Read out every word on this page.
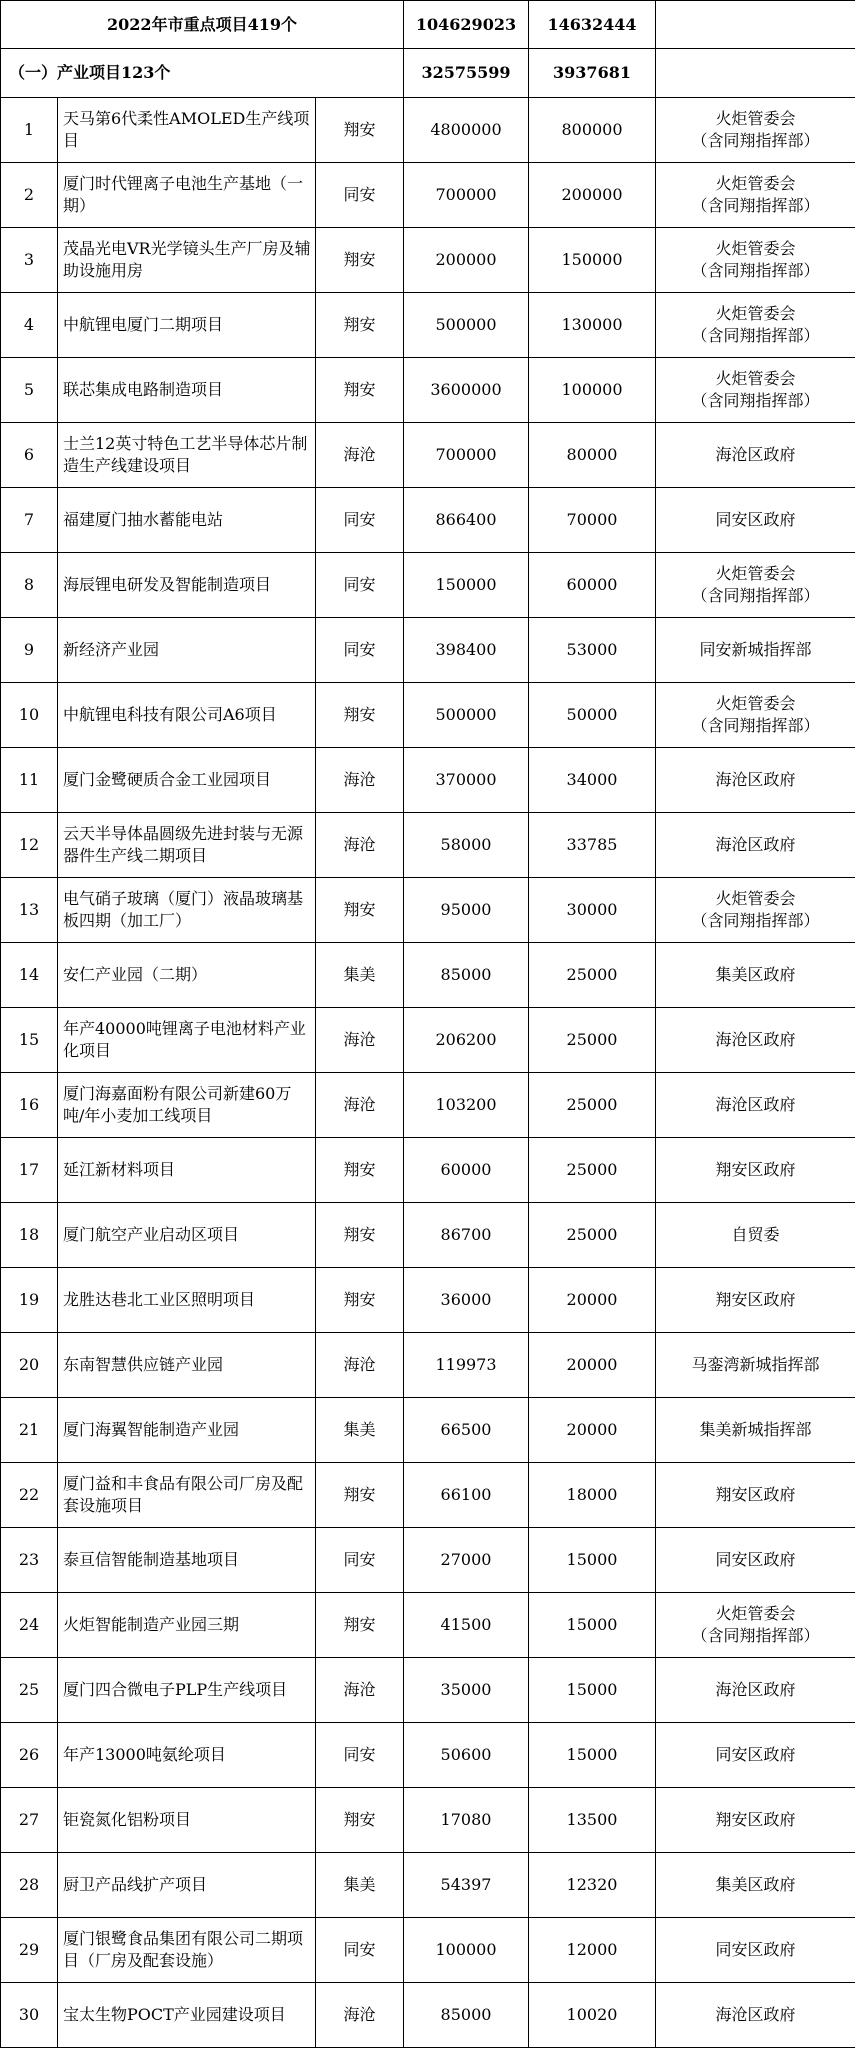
2022年市重点项目419个			104629023	14632444	
（一）产业项目123个			32575599	3937681	
1	天马第6代柔性AMOLED生产线项目	翔安	4800000	800000	火炬管委会
（含同翔指挥部）

2	厦门时代锂离子电池生产基地（一期）	同安	700000	200000	火炬管委会
（含同翔指挥部）

3	茂晶光电VR光学镜头生产厂房及辅助设施用房	翔安	200000	150000	火炬管委会
（含同翔指挥部）

4	中航锂电厦门二期项目	翔安	500000	130000	火炬管委会
（含同翔指挥部）

5	联芯集成电路制造项目	翔安	3600000	100000	火炬管委会
（含同翔指挥部）

6	士兰12英寸特色工艺半导体芯片制造生产线建设项目	海沧	700000	80000	海沧区政府

7	福建厦门抽水蓄能电站	同安	866400	70000	同安区政府

8	海辰锂电研发及智能制造项目	同安	150000	60000	火炬管委会
（含同翔指挥部）

9	新经济产业园	同安	398400	53000	同安新城指挥部

10	中航锂电科技有限公司A6项目	翔安	500000	50000	火炬管委会
（含同翔指挥部）

11	厦门金鹭硬质合金工业园项目	海沧	370000	34000	海沧区政府

12	云天半导体晶圆级先进封装与无源器件生产线二期项目	海沧	58000	33785	海沧区政府

13	电气硝子玻璃（厦门）液晶玻璃基板四期（加工厂）	翔安	95000	30000	火炬管委会
（含同翔指挥部）

14	安仁产业园（二期）	集美	85000	25000	集美区政府

15	年产40000吨锂离子电池材料产业化项目	海沧	206200	25000	海沧区政府

16	厦门海嘉面粉有限公司新建60万吨/年小麦加工线项目	海沧	103200	25000	海沧区政府

17	延江新材料项目	翔安	60000	25000	翔安区政府

18	厦门航空产业启动区项目	翔安	86700	25000	自贸委

19	龙胜达巷北工业区照明项目	翔安	36000	20000	翔安区政府

20	东南智慧供应链产业园	海沧	119973	20000	马銮湾新城指挥部

21	厦门海翼智能制造产业园	集美	66500	20000	集美新城指挥部

22	厦门益和丰食品有限公司厂房及配套设施项目	翔安	66100	18000	翔安区政府

23	泰亘信智能制造基地项目	同安	27000	15000	同安区政府

24	火炬智能制造产业园三期	翔安	41500	15000	火炬管委会
（含同翔指挥部）

25	厦门四合微电子PLP生产线项目	海沧	35000	15000	海沧区政府

26	年产13000吨氨纶项目	同安	50600	15000	同安区政府

27	钜瓷氮化铝粉项目	翔安	17080	13500	翔安区政府

28	厨卫产品线扩产项目	集美	54397	12320	集美区政府

29	厦门银鹭食品集团有限公司二期项目（厂房及配套设施）	同安	100000	12000	同安区政府

30	宝太生物POCT产业园建设项目	海沧	85000	10020	海沧区政府
